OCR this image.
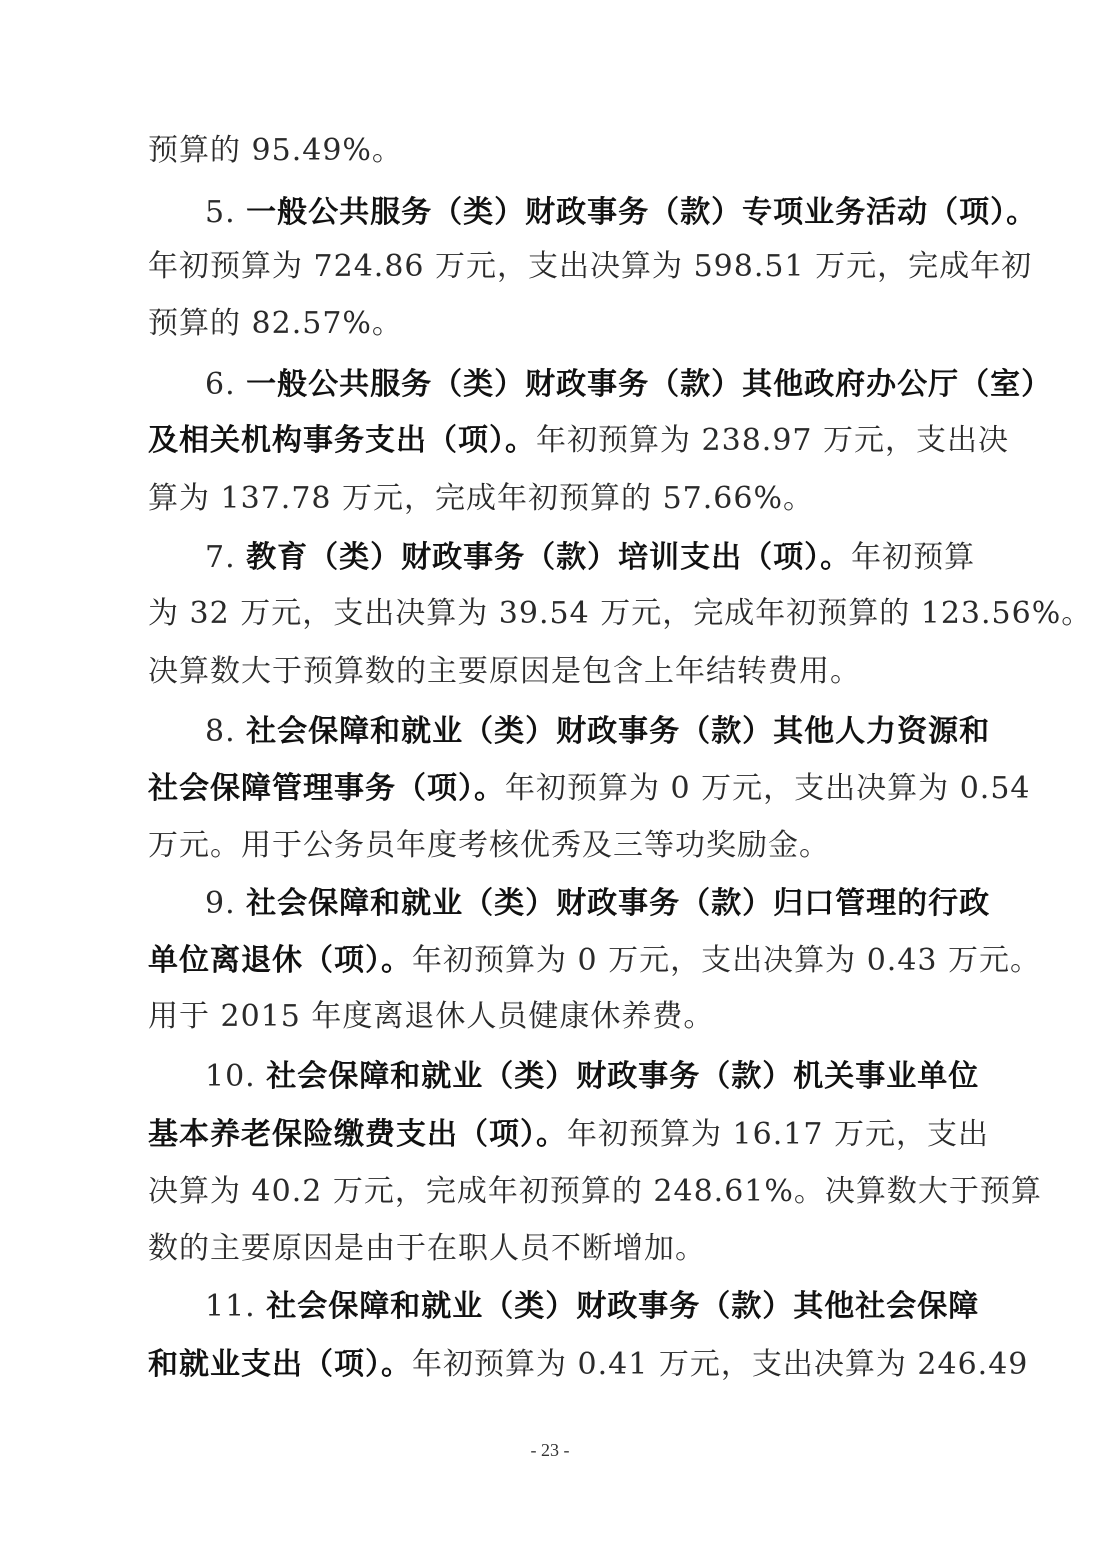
预算的 95.49%。
5. 一般公共服务（类）财政事务（款）专项业务活动（项）。
年初预算为 724.86 万元，支出决算为 598.51 万元，完成年初
预算的 82.57%。
6. 一般公共服务（类）财政事务（款）其他政府办公厅（室）
及相关机构事务支出（项）。年初预算为 238.97 万元，支出决
算为 137.78 万元，完成年初预算的 57.66%。
7. 教育（类）财政事务（款）培训支出（项）。年初预算
为 32 万元，支出决算为 39.54 万元，完成年初预算的 123.56%。
决算数大于预算数的主要原因是包含上年结转费用。
8. 社会保障和就业（类）财政事务（款）其他人力资源和
社会保障管理事务（项）。年初预算为 0 万元，支出决算为 0.54
万元。用于公务员年度考核优秀及三等功奖励金。
9. 社会保障和就业（类）财政事务（款）归口管理的行政
单位离退休（项）。年初预算为 0 万元，支出决算为 0.43 万元。
用于 2015 年度离退休人员健康休养费。
10. 社会保障和就业（类）财政事务（款）机关事业单位
基本养老保险缴费支出（项）。年初预算为 16.17 万元，支出
决算为 40.2 万元，完成年初预算的 248.61%。决算数大于预算
数的主要原因是由于在职人员不断增加。
11. 社会保障和就业（类）财政事务（款）其他社会保障
和就业支出（项）。年初预算为 0.41 万元，支出决算为 246.49
- 23 -
